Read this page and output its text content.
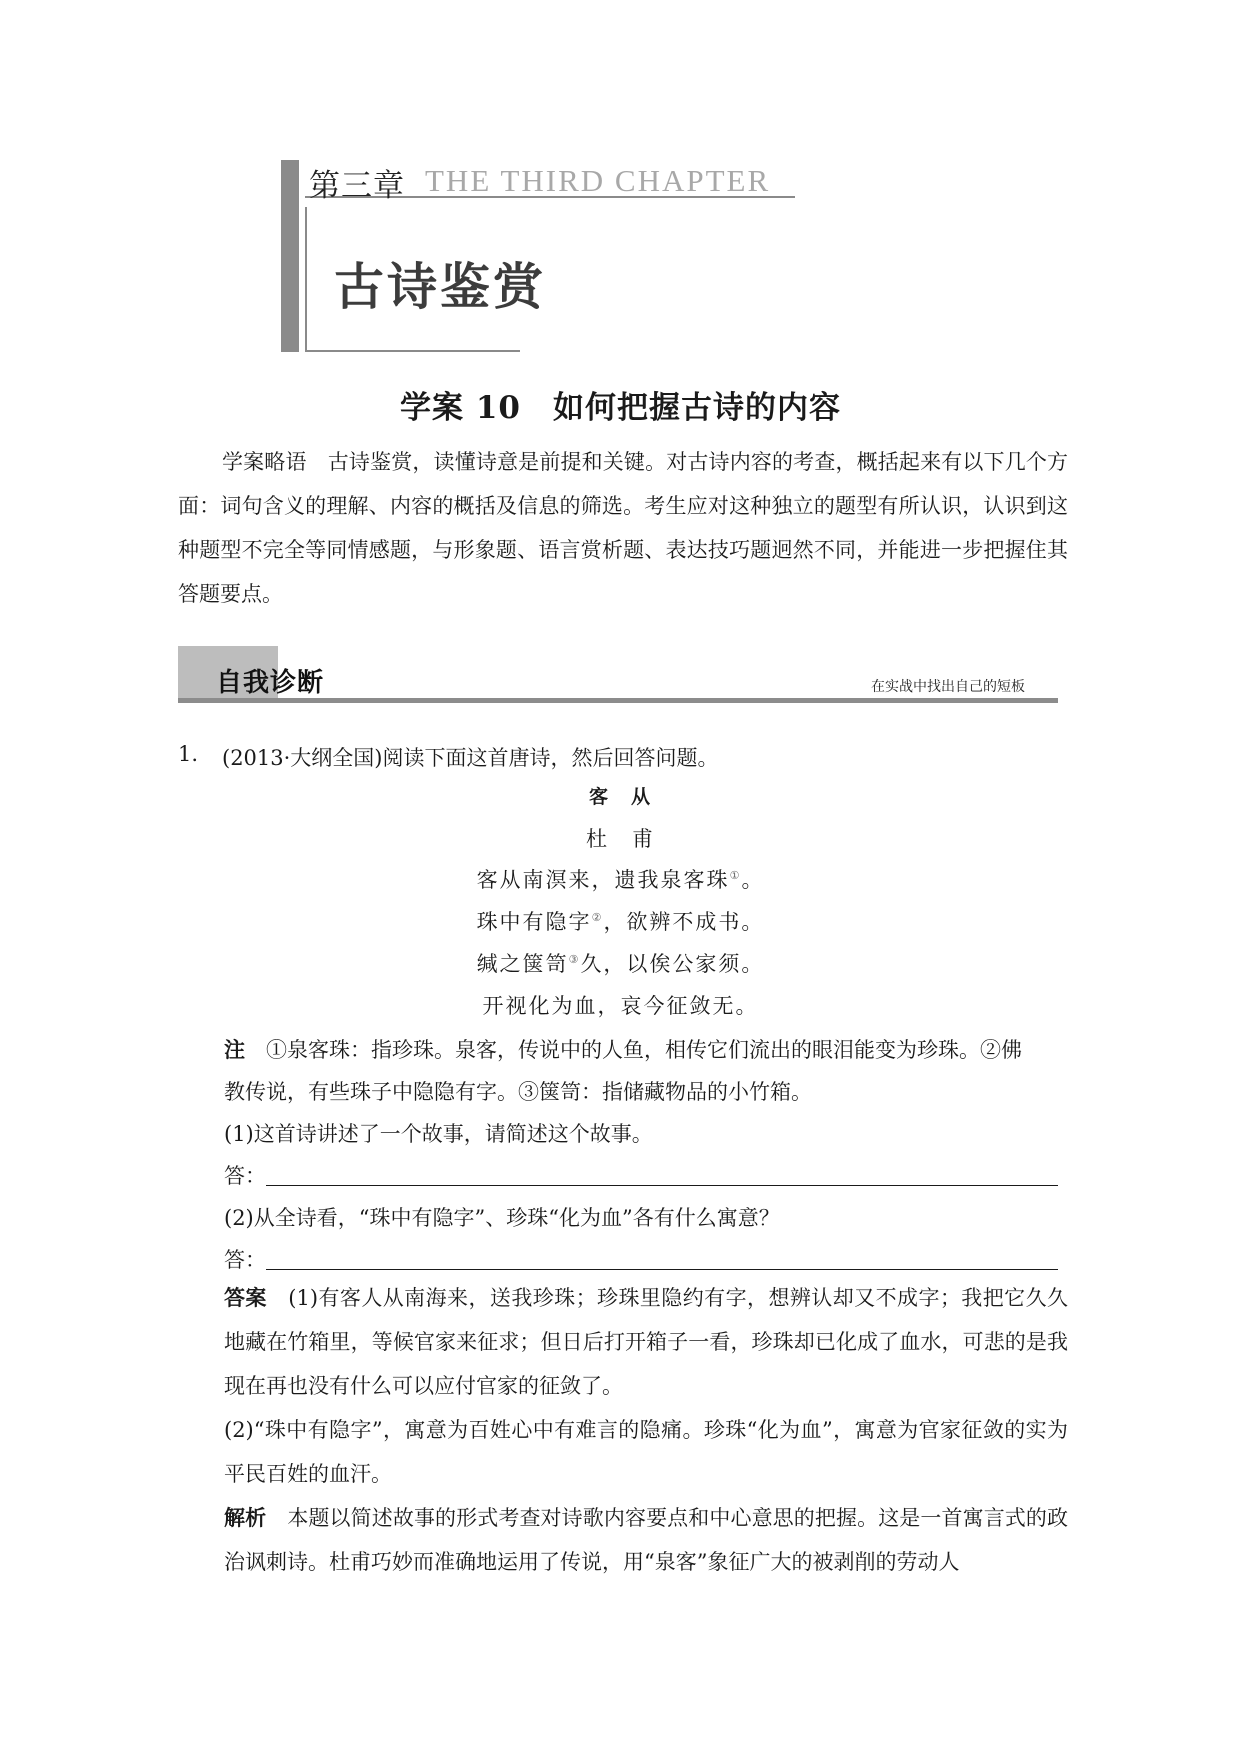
第三章 THE THIRD CHAPTER
古诗鉴赏
学案 10　如何把握古诗的内容
学案略语　 古诗鉴赏，读懂诗意是前提和关键。对古诗内容的考查，概括起来有以下几个方面：词句含义的理解、内容的概括及信息的筛选。考生应对这种独立的题型有所认识，认识到这种题型不完全等同情感题，与形象题、语言赏析题、表达技巧题迥然不同，并能进一步把握住其答题要点。
自我诊断	在实战中找出自己的短板
1. (2013·大纲全国)阅读下面这首唐诗，然后回答问题。
客　从
杜　甫
客从南溟来，遗我泉客珠①。
珠中有隐字②，欲辨不成书。
缄之箧笥③久，以俟公家须。
开视化为血，哀今征敛无。
注　 ①泉客珠：指珍珠。泉客，传说中的人鱼，相传它们流出的眼泪能变为珍珠。②佛
教传说，有些珠子中隐隐有字。③箧笥：指储藏物品的小竹箱。
(1)这首诗讲述了一个故事，请简述这个故事。
答：
(2)从全诗看，“珠中有隐字”、珍珠“化为血”各有什么寓意？
答：
答案　 (1)有客人从南海来，送我珍珠；珍珠里隐约有字，想辨认却又不成字；我把它久久地藏在竹箱里，等候官家来征求；但日后打开箱子一看，珍珠却已化成了血水，可悲的是我现在再也没有什么可以应付官家的征敛了。
(2)“珠中有隐字”，寓意为百姓心中有难言的隐痛。珍珠“化为血”，寓意为官家征敛的实为平民百姓的血汗。
解析　 本题以简述故事的形式考查对诗歌内容要点和中心意思的把握。这是一首寓言式的政治讽刺诗。杜甫巧妙而准确地运用了传说，用“泉客”象征广大的被剥削的劳动人
